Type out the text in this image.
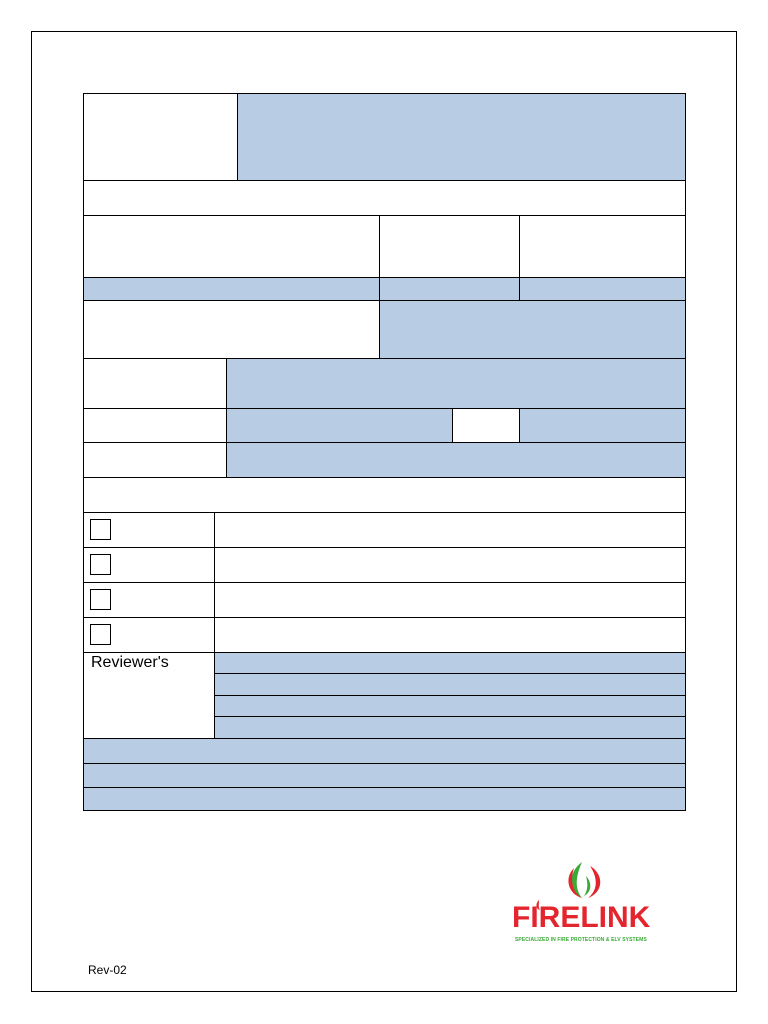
Reviewer's
Rev-02
FIRELINK
SPECIALIZED IN FIRE PROTECTION & ELV SYSTEMS
